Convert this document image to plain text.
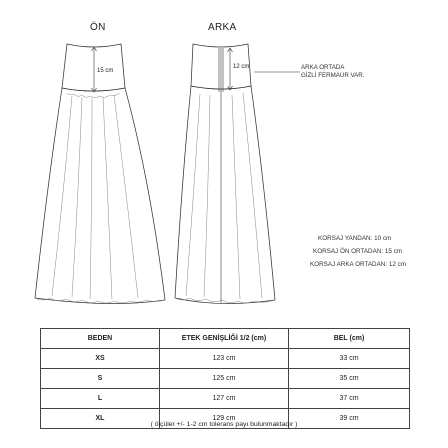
ÖN	ARKA
15 cm
12 cm	ARKA ORTADA
GİZLİ FERMAUR VAR.
KORSAJ YANDAN: 10 cm
KORSAJ ÖN ORTADAN: 15 cm
KORSAJ ARKA ORTADAN: 12 cm
BEDEN	ETEK GENİŞLİĞİ 1/2 (cm)	BEL (cm)
XS	123 cm	33 cm
S	125 cm	35 cm
L	127 cm	37 cm
XL	129 cm	39 cm
( ölçüler +/- 1-2 cm tolerans payı bulunmaktadır )
